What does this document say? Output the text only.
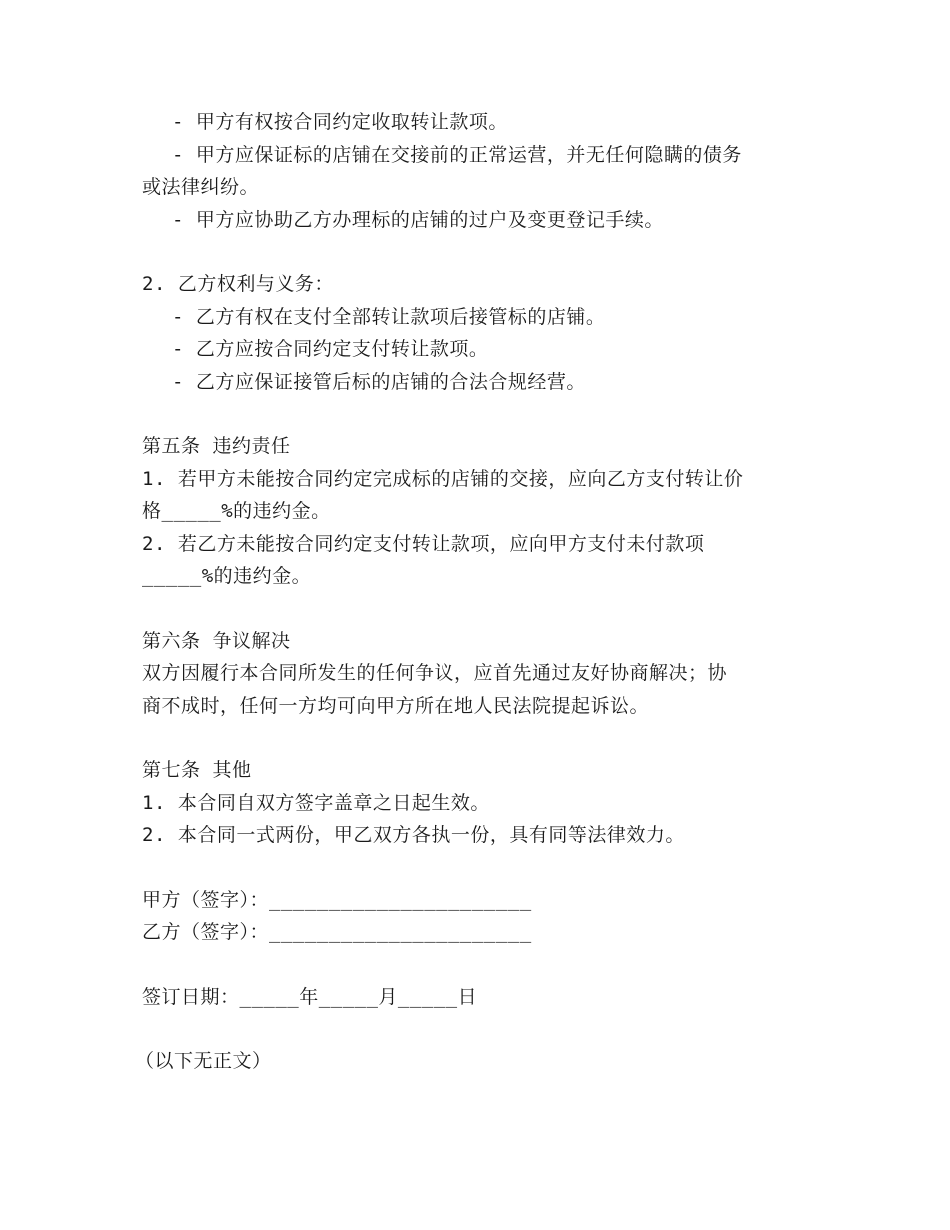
- 甲方有权按合同约定收取转让款项。
- 甲方应保证标的店铺在交接前的正常运营，并无任何隐瞒的债务
或法律纠纷。
- 甲方应协助乙方办理标的店铺的过户及变更登记手续。
2. 乙方权利与义务：
- 乙方有权在支付全部转让款项后接管标的店铺。
- 乙方应按合同约定支付转让款项。
- 乙方应保证接管后标的店铺的合法合规经营。
第五条 违约责任
1. 若甲方未能按合同约定完成标的店铺的交接，应向乙方支付转让价
格_____%的违约金。
2. 若乙方未能按合同约定支付转让款项，应向甲方支付未付款项
_____%的违约金。
第六条 争议解决
双方因履行本合同所发生的任何争议，应首先通过友好协商解决；协
商不成时，任何一方均可向甲方所在地人民法院提起诉讼。
第七条 其他
1. 本合同自双方签字盖章之日起生效。
2. 本合同一式两份，甲乙双方各执一份，具有同等法律效力。
甲方（签字）：______________________
乙方（签字）：______________________
签订日期：_____年_____月_____日
（以下无正文）
